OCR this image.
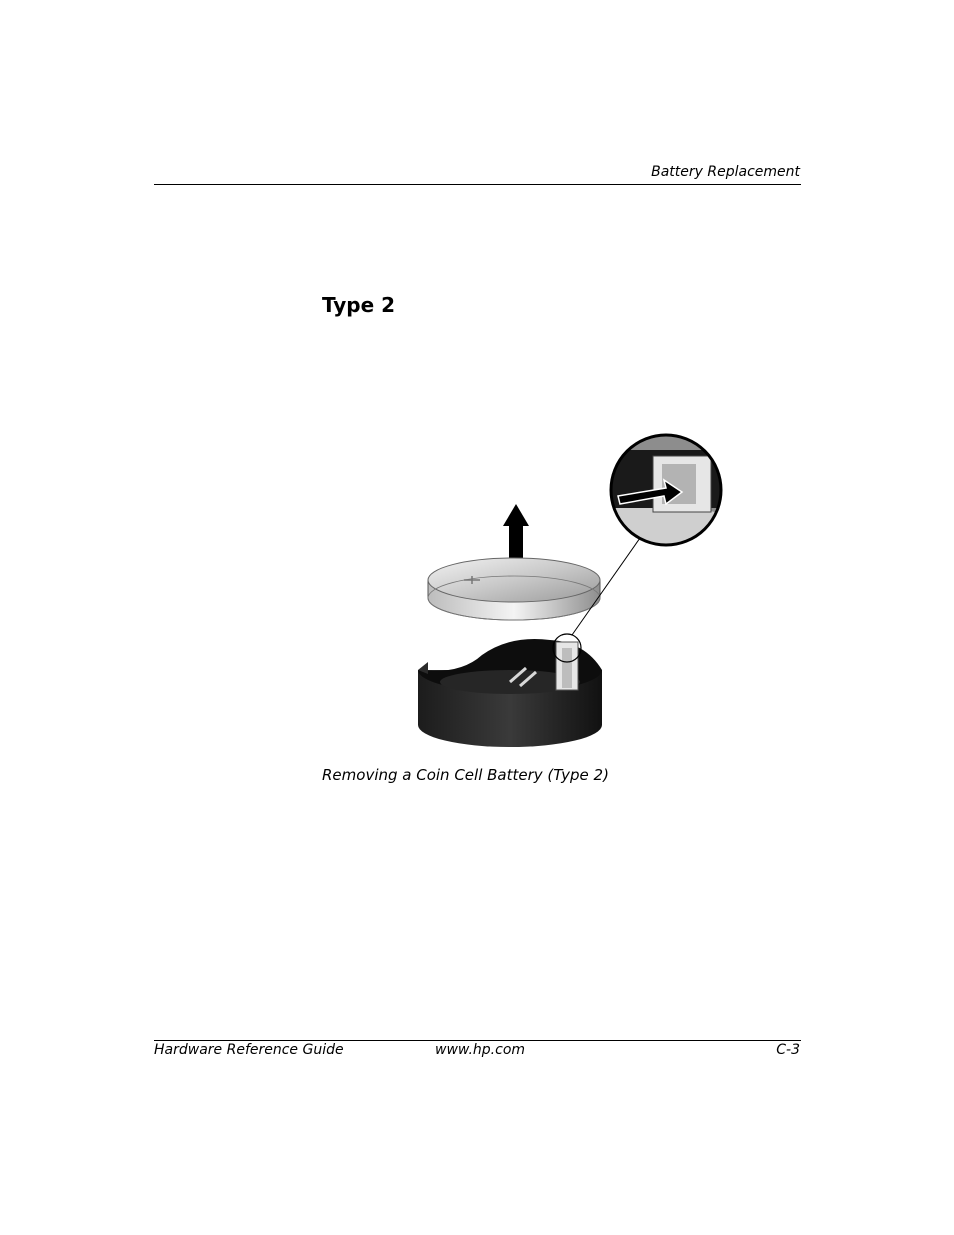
Battery Replacement
Type 2
Removing a Coin Cell Battery (Type 2)
Hardware Reference Guide	www.hp.com	C-3
